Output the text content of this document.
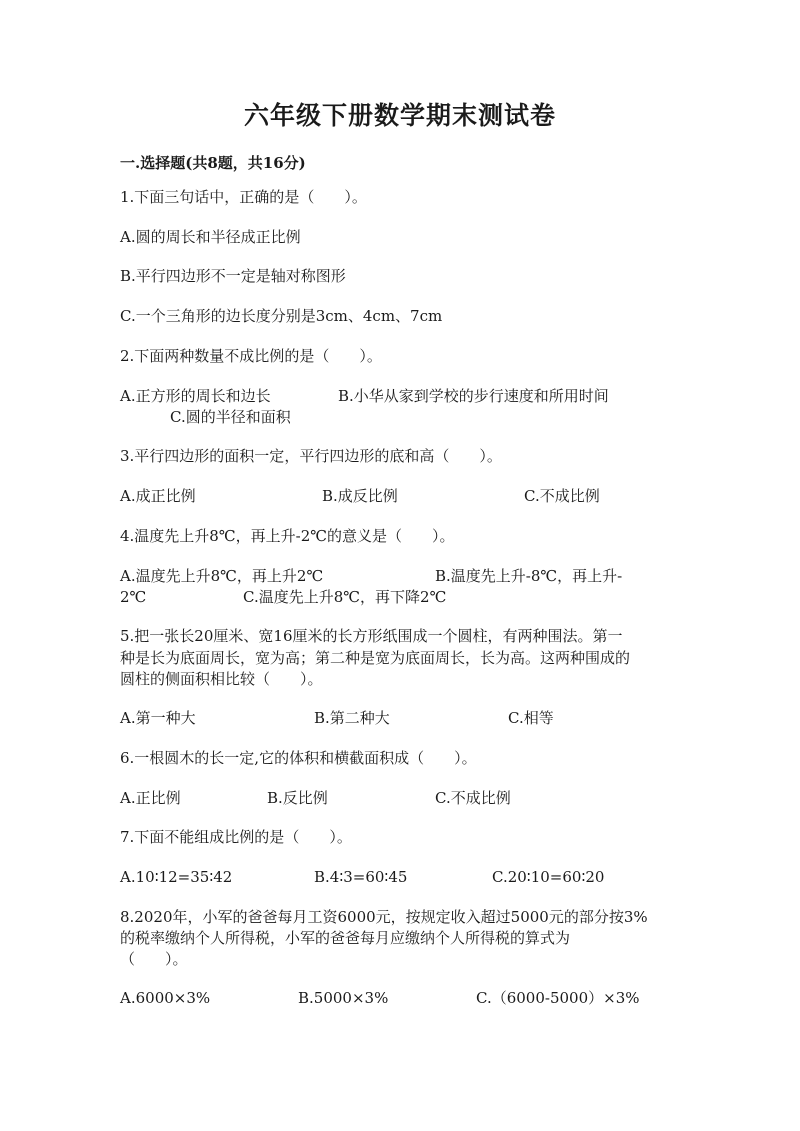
六年级下册数学期末测试卷
一.选择题(共8题，共16分)
1.下面三句话中，正确的是（　　）。
A.圆的周长和半径成正比例
B.平行四边形不一定是轴对称图形
C.一个三角形的边长度分别是3cm、4cm、7cm
2.下面两种数量不成比例的是（　　）。
A.正方形的周长和边长	B.小华从家到学校的步行速度和所用时间
C.圆的半径和面积
3.平行四边形的面积一定，平行四边形的底和高（　　）。
A.成正比例	B.成反比例	C.不成比例
4.温度先上升8℃，再上升-2℃的意义是（　　）。
A.温度先上升8℃，再上升2℃	B.温度先上升-8℃，再上升-
2℃	C.温度先上升8℃，再下降2℃
5.把一张长20厘米、宽16厘米的长方形纸围成一个圆柱，有两种围法。第一
种是长为底面周长，宽为高；第二种是宽为底面周长，长为高。这两种围成的
圆柱的侧面积相比较（　　）。
A.第一种大	B.第二种大	C.相等
6.一根圆木的长一定,它的体积和横截面积成（　　）。
A.正比例	B.反比例	C.不成比例
7.下面不能组成比例的是（　　）。
A.10∶12=35∶42	B.4∶3=60∶45	C.20∶10=60∶20
8.2020年，小军的爸爸每月工资6000元，按规定收入超过5000元的部分按3%
的税率缴纳个人所得税，小军的爸爸每月应缴纳个人所得税的算式为
（　　）。
A.6000×3%	B.5000×3%	C.（6000-5000）×3%
